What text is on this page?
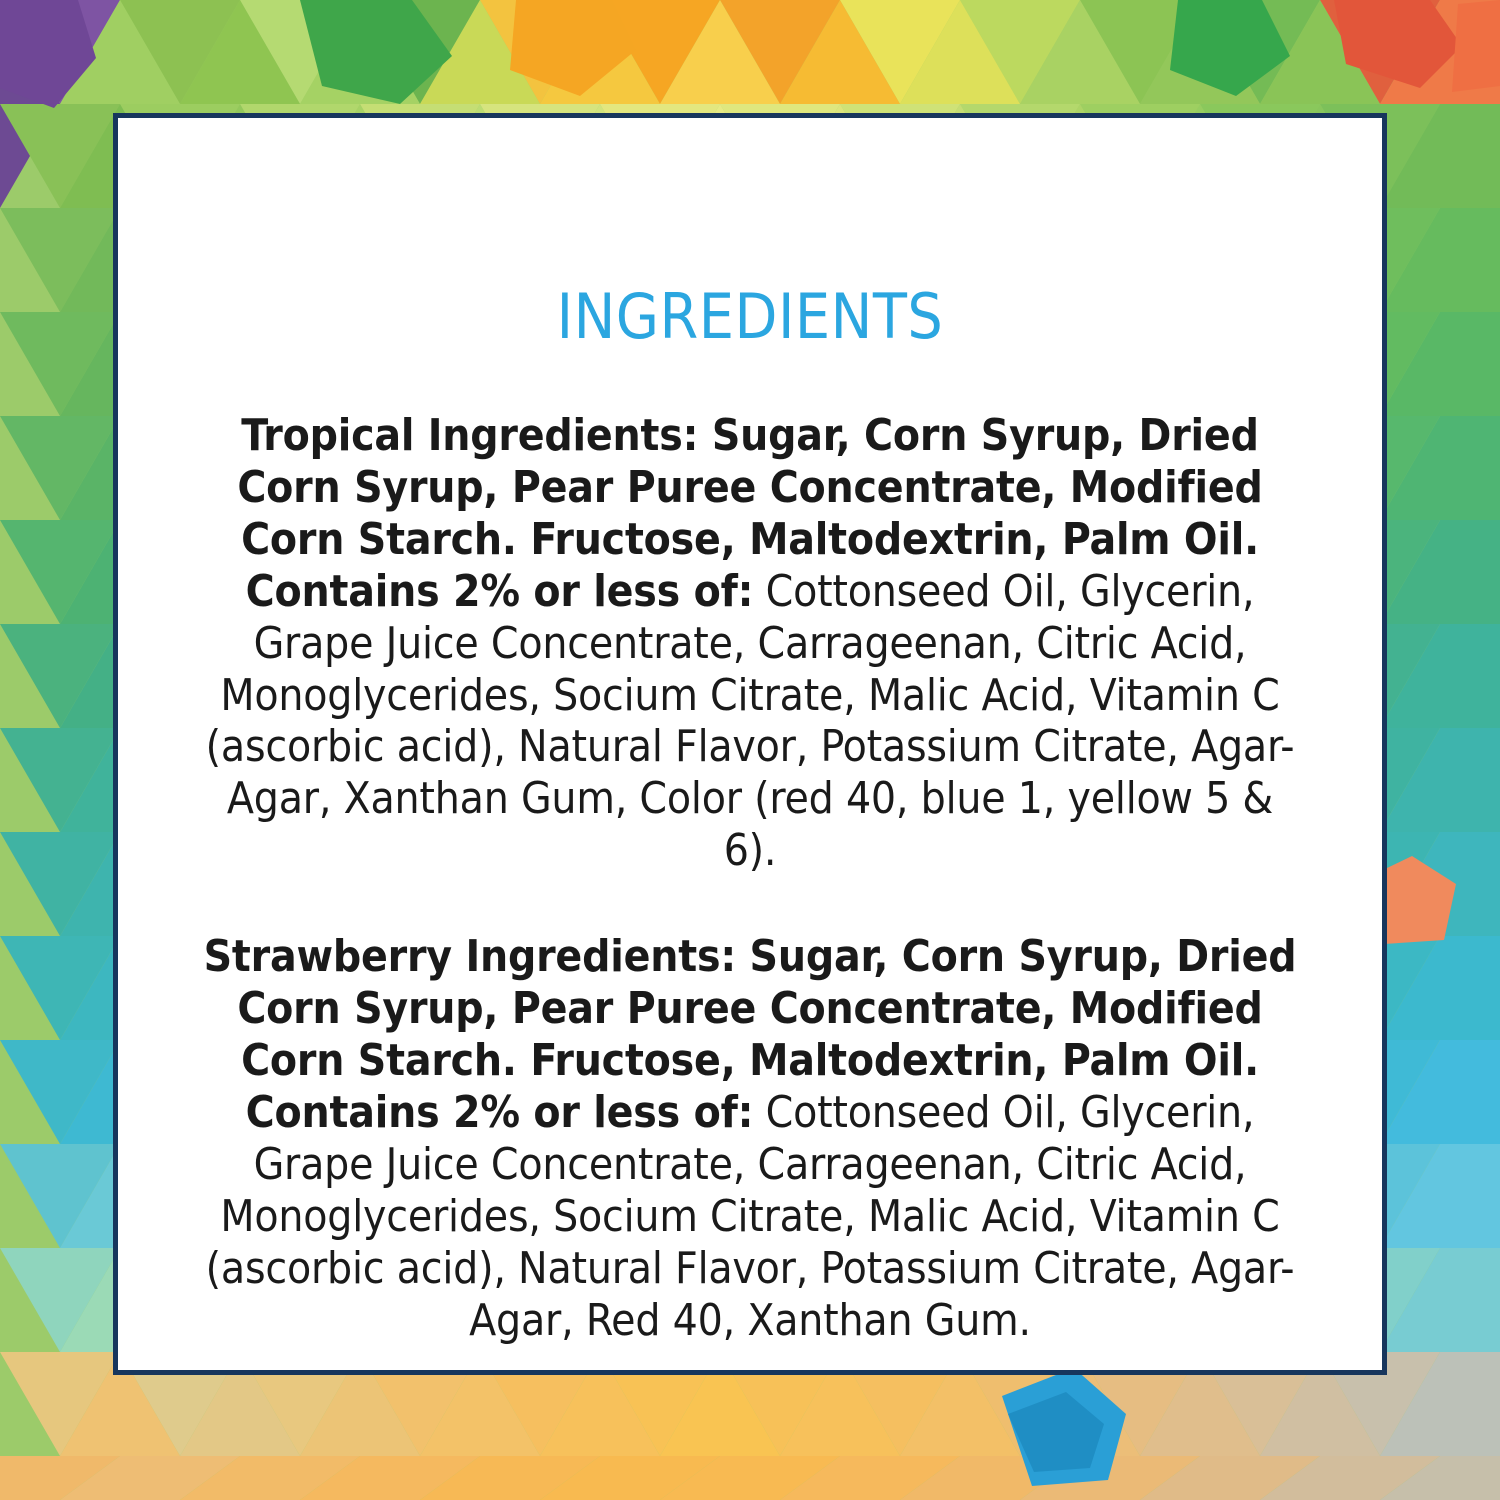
INGREDIENTS
Tropical Ingredients: Sugar, Corn Syrup, Dried Corn Syrup, Pear Puree Concentrate, Modified Corn Starch. Fructose, Maltodextrin, Palm Oil. Contains 2% or less of: Cottonseed Oil, Glycerin, Grape Juice Concentrate, Carrageenan, Citric Acid, Monoglycerides, Socium Citrate, Malic Acid, Vitamin C (ascorbic acid), Natural Flavor, Potassium Citrate, Agar-Agar, Xanthan Gum, Color (red 40, blue 1, yellow 5 & 6).
Strawberry Ingredients: Sugar, Corn Syrup, Dried Corn Syrup, Pear Puree Concentrate, Modified Corn Starch. Fructose, Maltodextrin, Palm Oil. Contains 2% or less of: Cottonseed Oil, Glycerin, Grape Juice Concentrate, Carrageenan, Citric Acid, Monoglycerides, Socium Citrate, Malic Acid, Vitamin C (ascorbic acid), Natural Flavor, Potassium Citrate, Agar-Agar, Red 40, Xanthan Gum.
